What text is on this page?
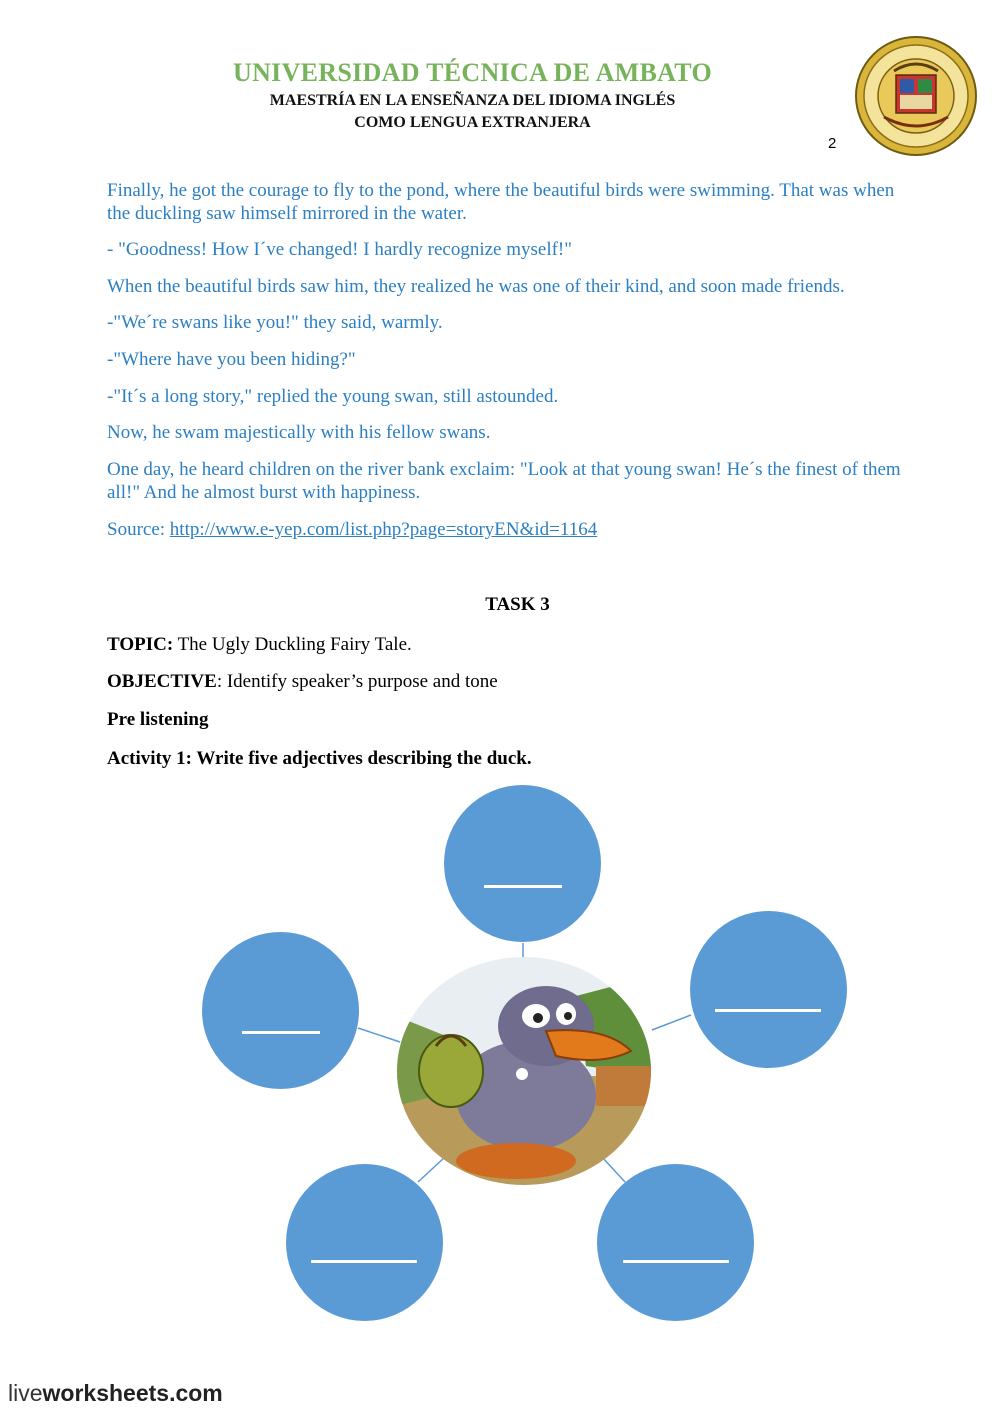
UNIVERSIDAD TÉCNICA DE AMBATO
MAESTRÍA EN LA ENSEÑANZA DEL IDIOMA INGLÉS
COMO LENGUA EXTRANJERA
2
Finally, he got the courage to fly to the pond, where the beautiful birds were swimming. That was when the duckling saw himself mirrored in the water.
- "Goodness! How I´ve changed! I hardly recognize myself!"
When the beautiful birds saw him, they realized he was one of their kind, and soon made friends.
-"We´re swans like you!" they said, warmly.
-"Where have you been hiding?"
-"It´s a long story," replied the young swan, still astounded.
Now, he swam majestically with his fellow swans.
One day, he heard children on the river bank exclaim: "Look at that young swan! He´s the finest of them all!" And he almost burst with happiness.
Source: http://www.e-yep.com/list.php?page=storyEN&id=1164
TASK 3
TOPIC: The Ugly Duckling Fairy Tale.
OBJECTIVE: Identify speaker’s purpose and tone
Pre listening
Activity 1: Write five adjectives describing the duck.
liveworksheets.com
